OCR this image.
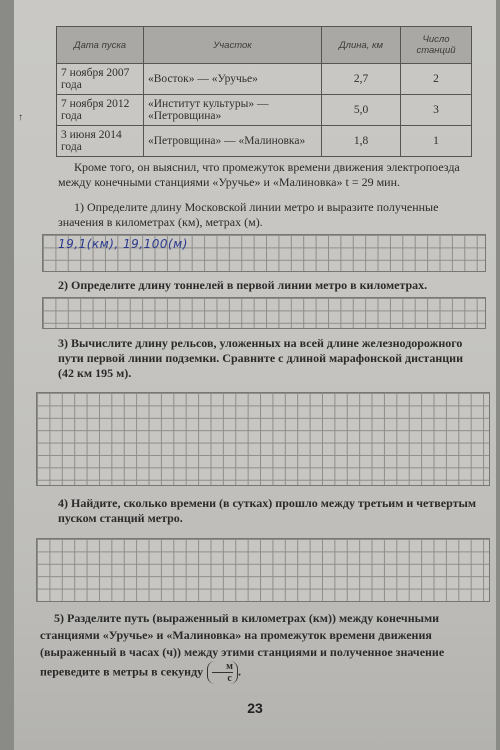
↑
Дата пуска	Участок	Длина, км	Число станций
7 ноября 2007 года	«Восток» — «Уручье»	2,7	2
7 ноября 2012 года	«Институт культуры» — «Петровщина»	5,0	3
3 июня 2014 года	«Петровщина» — «Малиновка»	1,8	1
Кроме того, он выяснил, что промежуток времени движения электропоезда между конечными станциями «Уручье» и «Малиновка» t = 29 мин.
1) Определите длину Московской линии метро и выразите полученные значения в километрах (км), метрах (м).
19,1(км), 19,100(м)
2) Определите длину тоннелей в первой линии метро в километрах.
3) Вычислите длину рельсов, уложенных на всей длине железнодорожного пути первой линии подземки. Сравните с длиной марафонской дистанции (42 км 195 м).
4) Найдите, сколько времени (в сутках) прошло между третьим и четвертым пуском станций метро.
5) Разделите путь (выраженный в километрах (км)) между конечными станциями «Уручье» и «Малиновка» на промежуток времени движения (выраженный в часах (ч)) между этими станциями и полученное значение переведите в метры в секунду $\frac{м}{с}$ .
23
